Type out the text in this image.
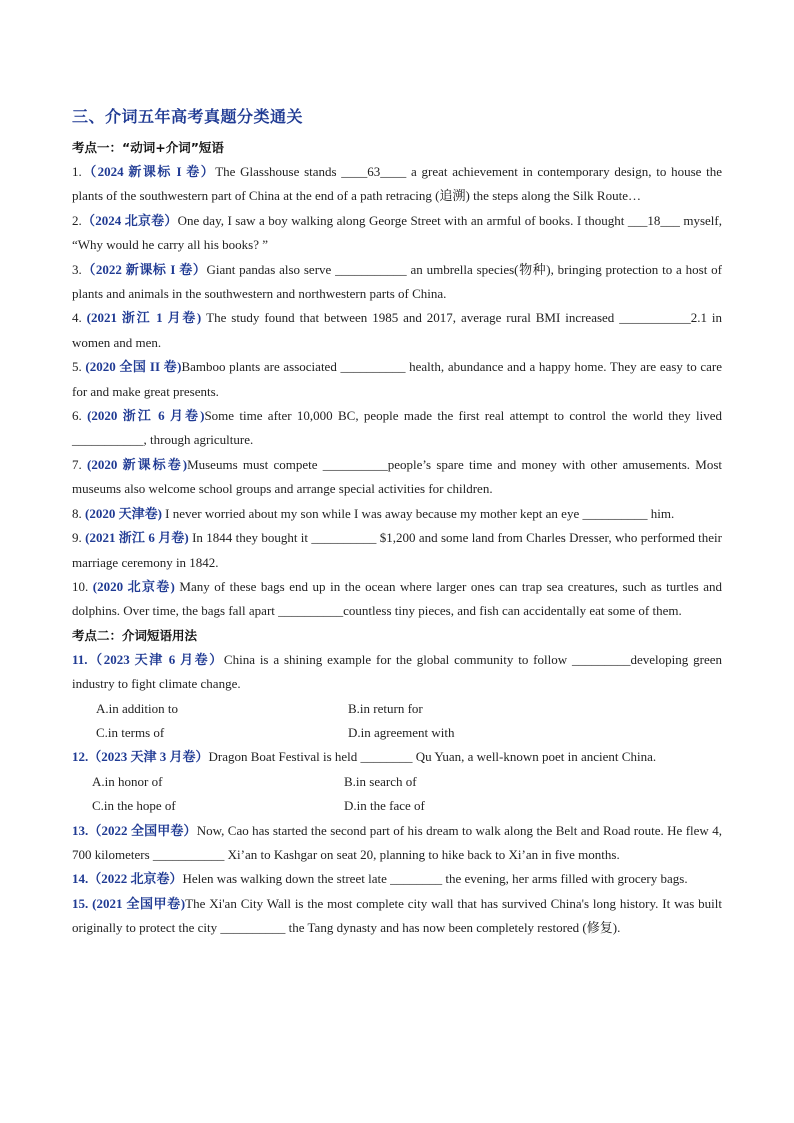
三、介词五年高考真题分类通关
考点一：“动词+介词”短语
1.（2024 新课标 I 卷）The Glasshouse stands ____63____ a great achievement in contemporary design, to house the plants of the southwestern part of China at the end of a path retracing (追溯) the steps along the Silk Route…
2.（2024 北京卷）One day, I saw a boy walking along George Street with an armful of books. I thought ___18___ myself, “Why would he carry all his books? ”
3.（2022 新课标 I 卷）Giant pandas also serve ___________ an umbrella species(物种), bringing protection to a host of plants and animals in the southwestern and northwestern parts of China.
4. (2021 浙江 1 月卷) The study found that between 1985 and 2017, average rural BMI increased ___________2.1 in women and men.
5. (2020 全国 II 卷)Bamboo plants are associated __________ health, abundance and a happy home. They are easy to care for and make great presents.
6. (2020 浙江 6 月卷)Some time after 10,000 BC, people made the first real attempt to control the world they lived ___________, through agriculture.
7. (2020 新课标卷)Museums must compete __________people’s spare time and money with other amusements. Most museums also welcome school groups and arrange special activities for children.
8. (2020 天津卷) I never worried about my son while I was away because my mother kept an eye __________ him.
9. (2021 浙江 6 月卷) In 1844 they bought it __________ $1,200 and some land from Charles Dresser, who performed their marriage ceremony in 1842.
10. (2020 北京卷) Many of these bags end up in the ocean where larger ones can trap sea creatures, such as turtles and dolphins. Over time, the bags fall apart __________countless tiny pieces, and fish can accidentally eat some of them.
考点二：介词短语用法
11.（2023 天津 6 月卷）China is a shining example for the global community to follow _________developing green industry to fight climate change.
A.in addition to	B.in return for
C.in terms of	D.in agreement with
12.（2023 天津 3 月卷）Dragon Boat Festival is held ________ Qu Yuan, a well-known poet in ancient China.
A.in honor of	B.in search of
C.in the hope of	D.in the face of
13.（2022 全国甲卷）Now, Cao has started the second part of his dream to walk along the Belt and Road route. He flew 4, 700 kilometers ___________ Xi’an to Kashgar on seat 20, planning to hike back to Xi’an in five months.
14.（2022 北京卷）Helen was walking down the street late ________ the evening, her arms filled with grocery bags.
15. (2021 全国甲卷)The Xi'an City Wall is the most complete city wall that has survived China's long history. It was built originally to protect the city __________ the Tang dynasty and has now been completely restored (修复).
